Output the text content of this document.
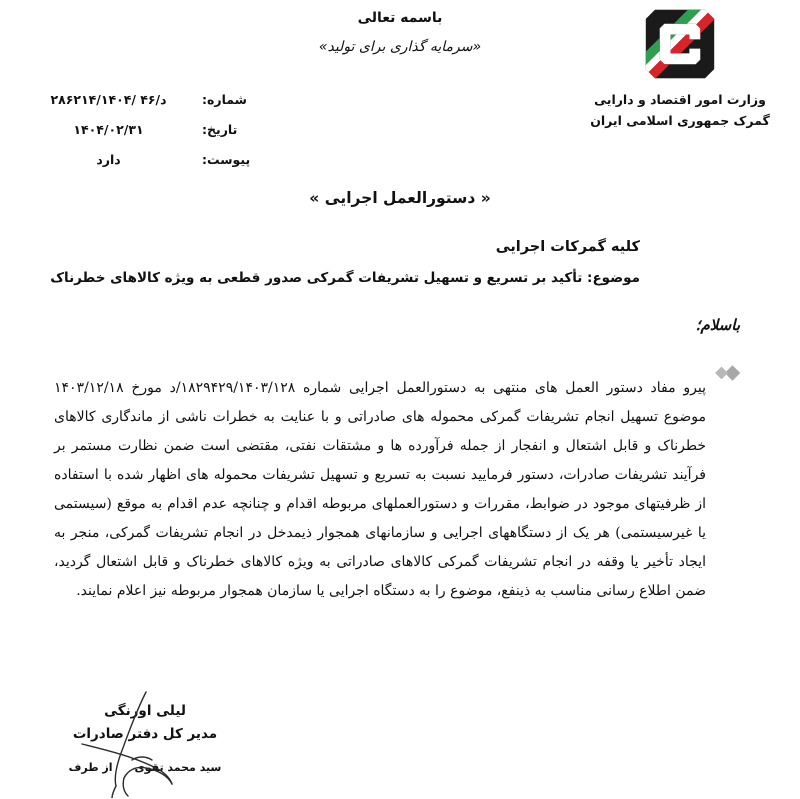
باسمه تعالی
«سرمایه گذاری برای تولید»
وزارت امور اقتصاد و دارایی
گمرک جمهوری اسلامی ایران
شماره:
۲۸۶۲۱۴/۱۴۰۴/ ۴۶/د
تاریخ:
۱۴۰۴/۰۲/۳۱
پیوست:
دارد
« دستورالعمل اجرایی »
کلیه گمرکات اجرایی
موضوع: تأکید بر تسریع و تسهیل تشریفات گمرکی صدور قطعی به ویژه کالاهای خطرناک
باسلام؛

پیرو مفاد دستور العمل های منتهی به دستورالعمل اجرایی شماره ۱۸۲۹۴۲۹/۱۴۰۳/۱۲۸/د مورخ ۱۴۰۳/۱۲/۱۸ موضوع تسهیل انجام تشریفات گمرکی محموله های صادراتی و با عنایت به خطرات ناشی از ماندگاری کالاهای خطرناک و قابل اشتعال و انفجار از جمله فرآورده ها و مشتقات نفتی، مقتضی است ضمن نظارت مستمر بر فرآیند تشریفات صادرات، دستور فرمایید نسبت به تسریع و تسهیل تشریفات محموله های اظهار شده با استفاده از ظرفیتهای موجود در ضوابط، مقررات و دستورالعملهای مربوطه اقدام و چنانچه عدم اقدام به موقع (سیستمی یا غیرسیستمی) هر یک از دستگاههای اجرایی و سازمانهای همجوار ذیمدخل در انجام تشریفات گمرکی، منجر به ایجاد تأخیر یا وقفه در انجام تشریفات گمرکی کالاهای صادراتی به ویژه کالاهای خطرناک و قابل اشتعال گردید، ضمن اطلاع رسانی مناسب به ذینفع، موضوع را به دستگاه اجرایی یا سازمان همجوار مربوطه نیز اعلام نمایند.

لیلی اورنگی
مدیر کل دفتر صادرات
سید محمد تقوی
از طرف
